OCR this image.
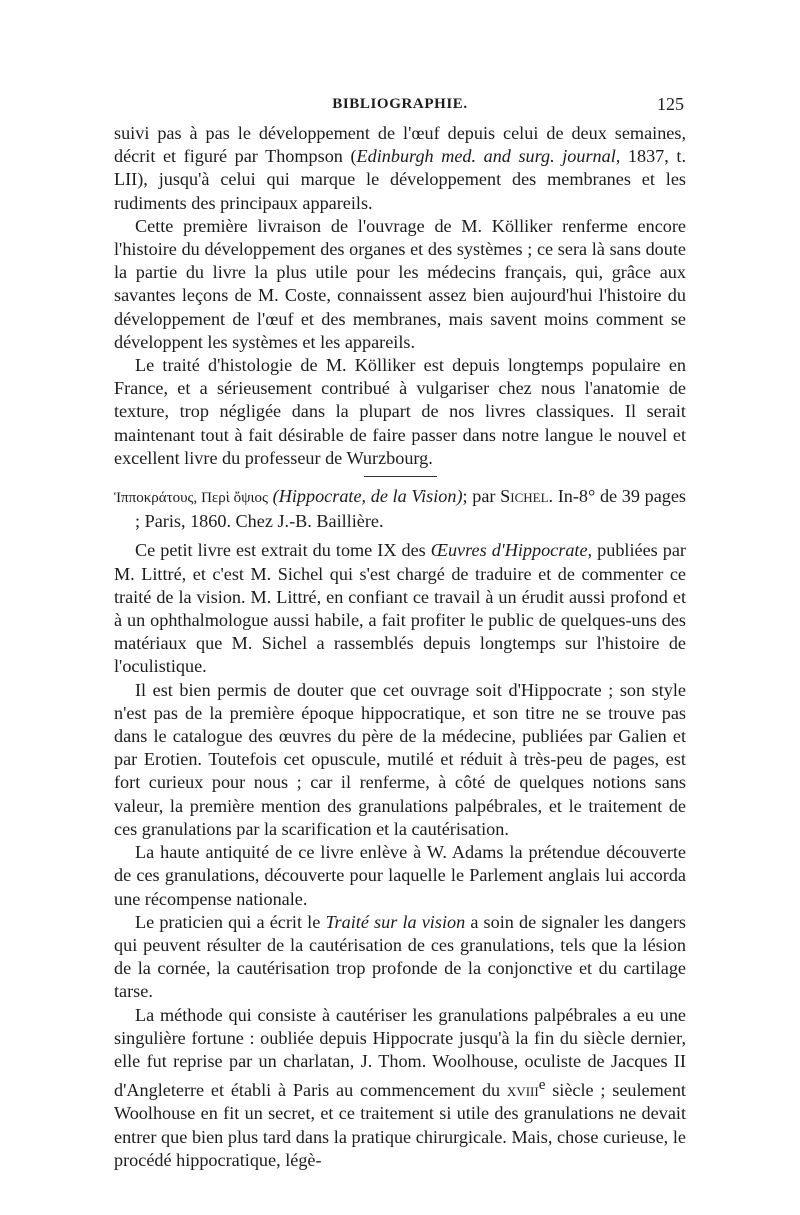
BIBLIOGRAPHIE.	125

suivi pas à pas le développement de l'œuf depuis celui de deux semaines, décrit et figuré par Thompson (Edinburgh med. and surg. journal, 1837, t. LII), jusqu'à celui qui marque le développement des membranes et les rudiments des principaux appareils.

Cette première livraison de l'ouvrage de M. Kölliker renferme encore l'histoire du développement des organes et des systèmes ; ce sera là sans doute la partie du livre la plus utile pour les médecins français, qui, grâce aux savantes leçons de M. Coste, connaissent assez bien aujourd'hui l'histoire du développement de l'œuf et des membranes, mais savent moins comment se développent les systèmes et les appareils.

Le traité d'histologie de M. Kölliker est depuis longtemps populaire en France, et a sérieusement contribué à vulgariser chez nous l'anatomie de texture, trop négligée dans la plupart de nos livres classiques. Il serait maintenant tout à fait désirable de faire passer dans notre langue le nouvel et excellent livre du professeur de Wurzbourg.

Ἱπποκράτους, Περὶ ὄψιος (Hippocrate, de la Vision); par Sichel. In-8° de 39 pages ; Paris, 1860. Chez J.-B. Baillière.

Ce petit livre est extrait du tome IX des Œuvres d'Hippocrate, publiées par M. Littré, et c'est M. Sichel qui s'est chargé de traduire et de commenter ce traité de la vision. M. Littré, en confiant ce travail à un érudit aussi profond et à un ophthalmologue aussi habile, a fait profiter le public de quelques-uns des matériaux que M. Sichel a rassemblés depuis longtemps sur l'histoire de l'oculistique.

Il est bien permis de douter que cet ouvrage soit d'Hippocrate ; son style n'est pas de la première époque hippocratique, et son titre ne se trouve pas dans le catalogue des œuvres du père de la médecine, publiées par Galien et par Erotien. Toutefois cet opuscule, mutilé et réduit à très-peu de pages, est fort curieux pour nous ; car il renferme, à côté de quelques notions sans valeur, la première mention des granulations palpébrales, et le traitement de ces granulations par la scarification et la cautérisation.

La haute antiquité de ce livre enlève à W. Adams la prétendue découverte de ces granulations, découverte pour laquelle le Parlement anglais lui accorda une récompense nationale.

Le praticien qui a écrit le Traité sur la vision a soin de signaler les dangers qui peuvent résulter de la cautérisation de ces granulations, tels que la lésion de la cornée, la cautérisation trop profonde de la conjonctive et du cartilage tarse.

La méthode qui consiste à cautériser les granulations palpébrales a eu une singulière fortune : oubliée depuis Hippocrate jusqu'à la fin du siècle dernier, elle fut reprise par un charlatan, J. Thom. Woolhouse, oculiste de Jacques II d'Angleterre et établi à Paris au commencement du xviii$^e$ siècle ; seulement Woolhouse en fit un secret, et ce traitement si utile des granulations ne devait entrer que bien plus tard dans la pratique chirurgicale. Mais, chose curieuse, le procédé hippocratique, légè-
